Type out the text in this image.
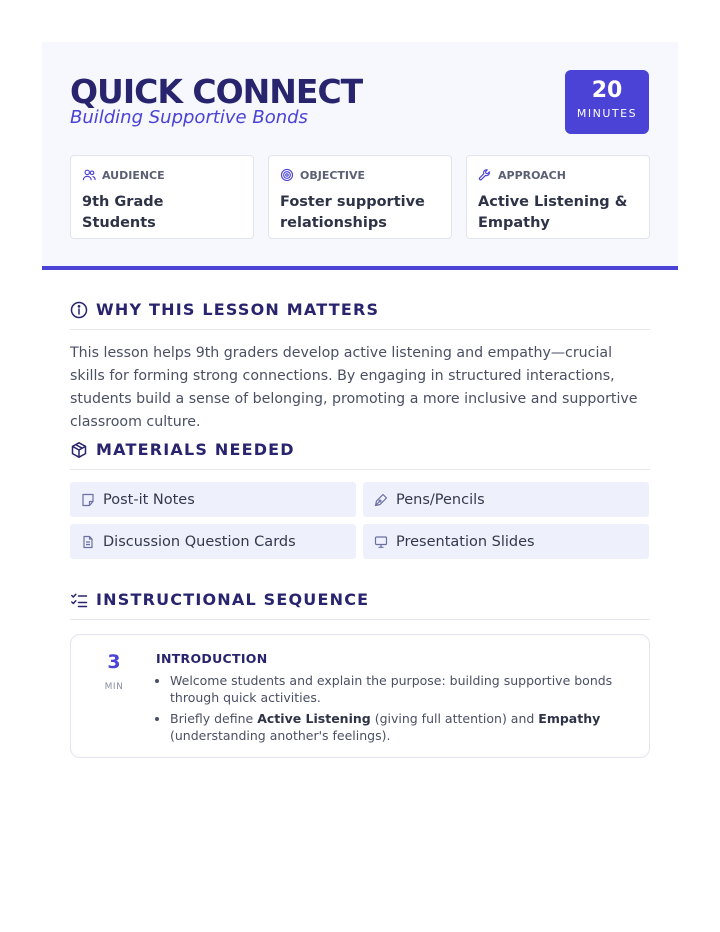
QUICK CONNECT
Building Supportive Bonds
20
MINUTES
AUDIENCE
9th Grade Students
OBJECTIVE
Foster supportive relationships
APPROACH
Active Listening & Empathy
WHY THIS LESSON MATTERS

This lesson helps 9th graders develop active listening and empathy—crucial skills for forming strong connections. By engaging in structured interactions, students build a sense of belonging, promoting a more inclusive and supportive classroom culture.

MATERIALS NEEDED
Post-it Notes	Pens/Pencils
Discussion Question Cards	Presentation Slides
INSTRUCTIONAL SEQUENCE
3
MIN
INTRODUCTION
• Welcome students and explain the purpose: building supportive bonds through quick activities.
• Briefly define Active Listening (giving full attention) and Empathy (understanding another's feelings).
